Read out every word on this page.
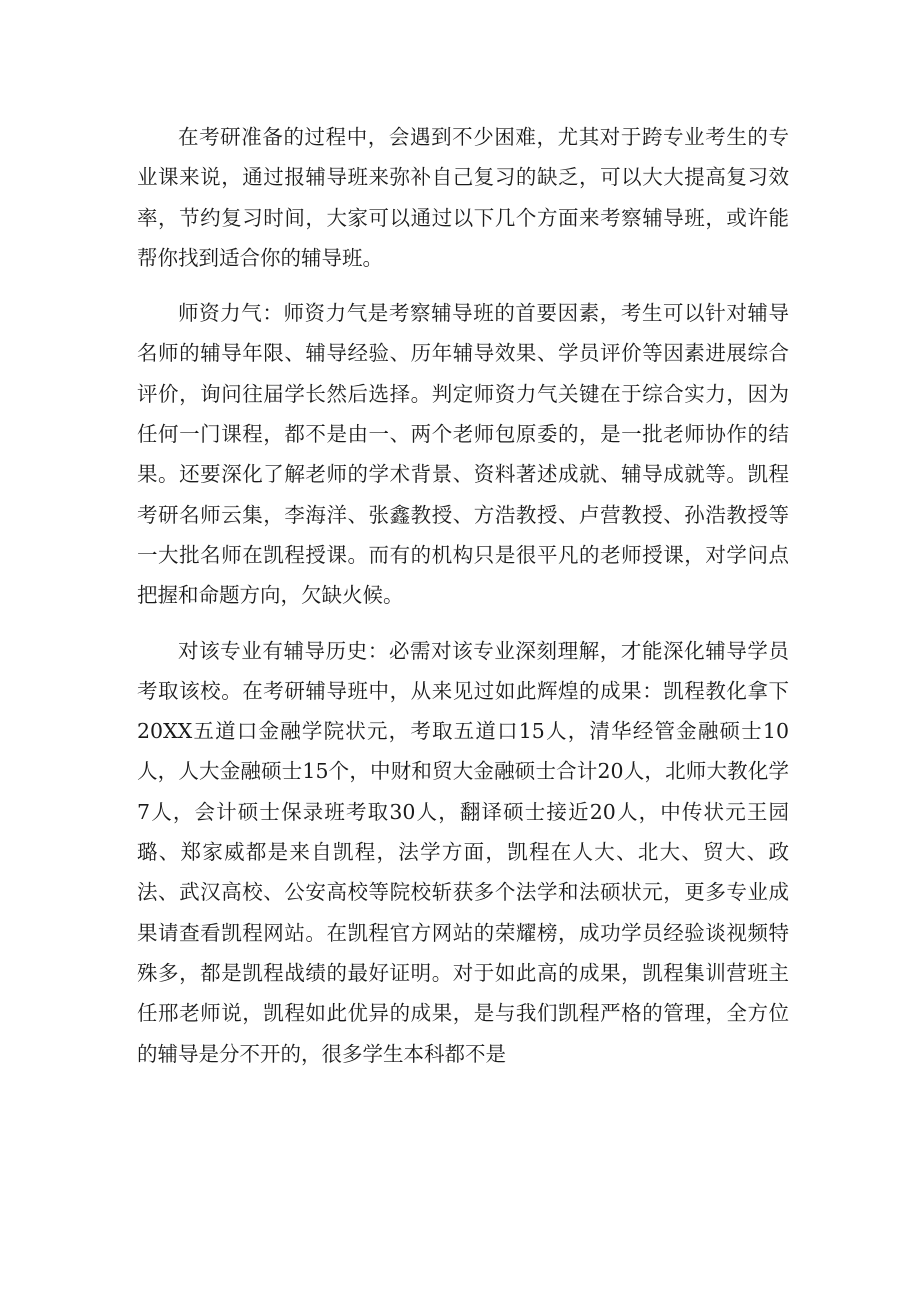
在考研准备的过程中，会遇到不少困难，尤其对于跨专业考生的专业课来说，通过报辅导班来弥补自己复习的缺乏，可以大大提高复习效率，节约复习时间，大家可以通过以下几个方面来考察辅导班，或许能帮你找到适合你的辅导班。

师资力气：师资力气是考察辅导班的首要因素，考生可以针对辅导名师的辅导年限、辅导经验、历年辅导效果、学员评价等因素进展综合评价，询问往届学长然后选择。判定师资力气关键在于综合实力，因为任何一门课程，都不是由一、两个老师包原委的，是一批老师协作的结果。还要深化了解老师的学术背景、资料著述成就、辅导成就等。凯程考研名师云集，李海洋、张鑫教授、方浩教授、卢营教授、孙浩教授等一大批名师在凯程授课。而有的机构只是很平凡的老师授课，对学问点把握和命题方向，欠缺火候。

对该专业有辅导历史：必需对该专业深刻理解，才能深化辅导学员考取该校。在考研辅导班中，从来见过如此辉煌的成果：凯程教化拿下20XX五道口金融学院状元，考取五道口15人，清华经管金融硕士10人，人大金融硕士15个，中财和贸大金融硕士合计20人，北师大教化学7人，会计硕士保录班考取30人，翻译硕士接近20人，中传状元王园璐、郑家威都是来自凯程，法学方面，凯程在人大、北大、贸大、政法、武汉高校、公安高校等院校斩获多个法学和法硕状元，更多专业成果请查看凯程网站。在凯程官方网站的荣耀榜，成功学员经验谈视频特殊多，都是凯程战绩的最好证明。对于如此高的成果，凯程集训营班主任邢老师说，凯程如此优异的成果，是与我们凯程严格的管理，全方位的辅导是分不开的，很多学生本科都不是
